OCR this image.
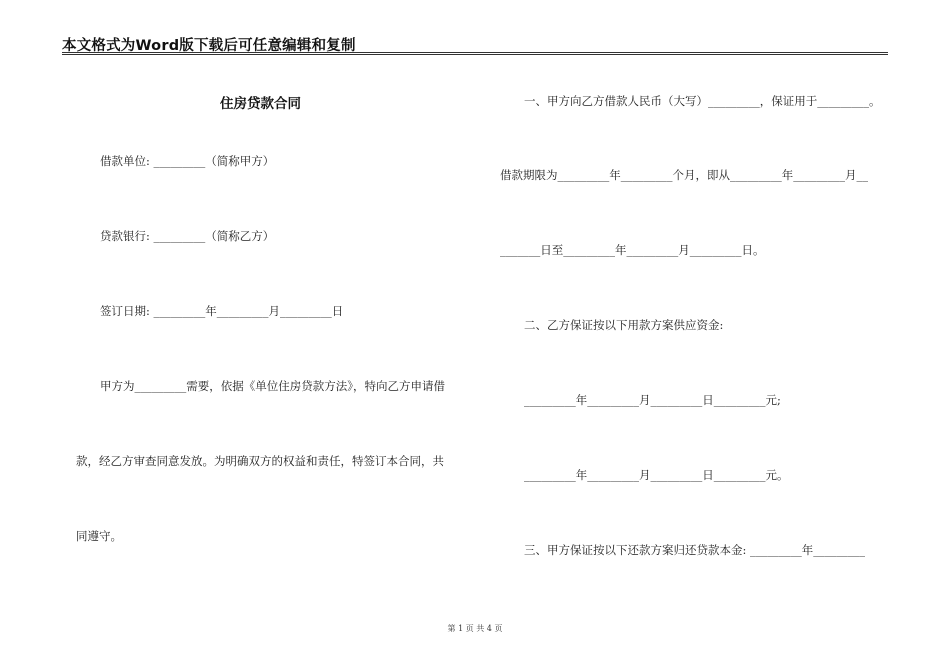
本文格式为Word版下载后可任意编辑和复制
住房贷款合同
借款单位: _________（简称甲方）
贷款银行: _________（简称乙方）
签订日期: _________年_________月_________日
甲方为_________需要，依据《单位住房贷款方法》，特向乙方申请借
款，经乙方审查同意发放。为明确双方的权益和责任，特签订本合同，共
同遵守。
一、甲方向乙方借款人民币（大写）_________，保证用于_________。
借款期限为_________年_________个月，即从_________年_________月__
_______日至_________年_________月_________日。
二、乙方保证按以下用款方案供应资金:
_________年_________月_________日_________元;
_________年_________月_________日_________元。
三、甲方保证按以下还款方案归还贷款本金: _________年_________
第 1 页 共 4 页
